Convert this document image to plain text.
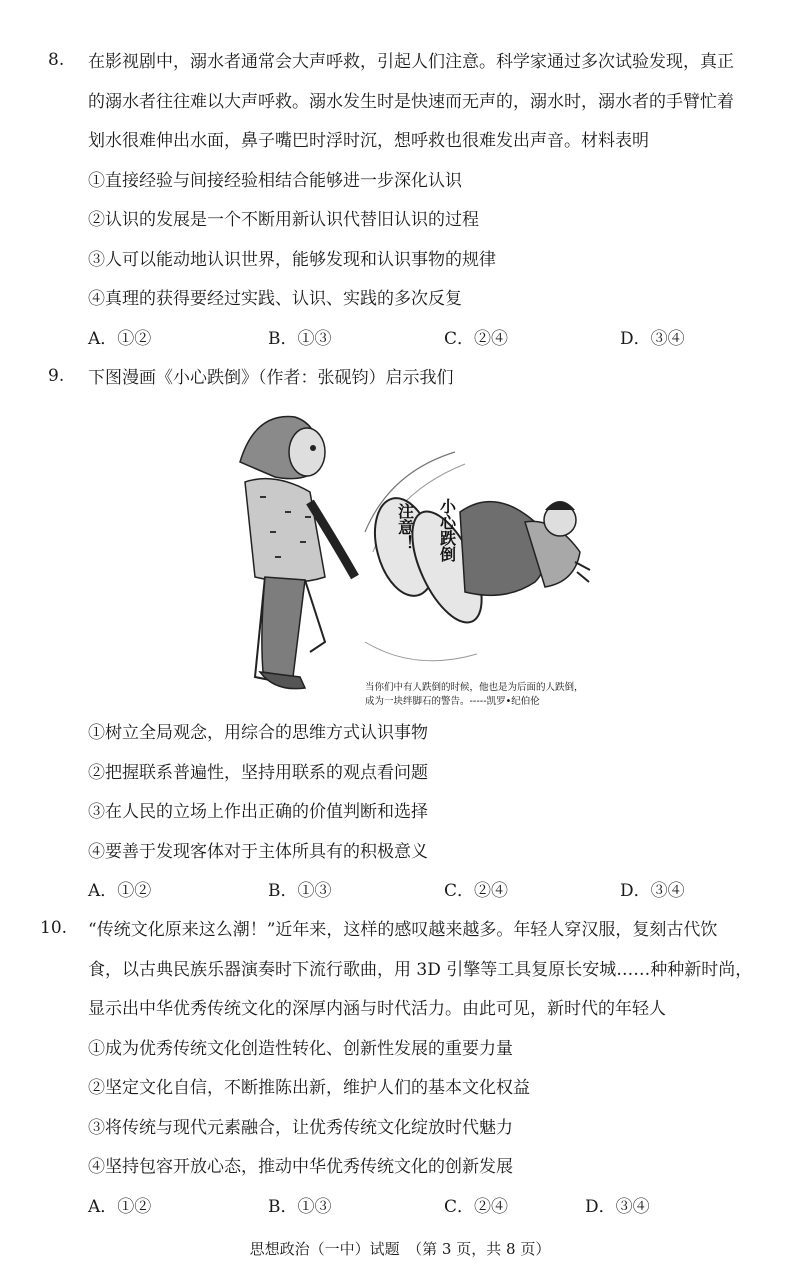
8. 在影视剧中，溺水者通常会大声呼救，引起人们注意。科学家通过多次试验发现，真正
的溺水者往往难以大声呼救。溺水发生时是快速而无声的，溺水时，溺水者的手臂忙着
划水很难伸出水面，鼻子嘴巴时浮时沉，想呼救也很难发出声音。材料表明
①直接经验与间接经验相结合能够进一步深化认识
②认识的发展是一个不断用新认识代替旧认识的过程
③人可以能动地认识世界，能够发现和认识事物的规律
④真理的获得要经过实践、认识、实践的多次反复
A．①②	B．①③	C．②④	D．③④
9. 下图漫画《小心跌倒》（作者：张砚钧）启示我们
注意！ 小心跌倒
当你们中有人跌倒的时候，他也是为后面的人跌倒，
成为一块绊脚石的警告。-----凯罗•纪伯伦
①树立全局观念，用综合的思维方式认识事物
②把握联系普遍性，坚持用联系的观点看问题
③在人民的立场上作出正确的价值判断和选择
④要善于发现客体对于主体所具有的积极意义
A．①②	B．①③	C．②④	D．③④
10. “传统文化原来这么潮！”近年来，这样的感叹越来越多。年轻人穿汉服，复刻古代饮
食，以古典民族乐器演奏时下流行歌曲，用 3D 引擎等工具复原长安城……种种新时尚，
显示出中华优秀传统文化的深厚内涵与时代活力。由此可见，新时代的年轻人
①成为优秀传统文化创造性转化、创新性发展的重要力量
②坚定文化自信，不断推陈出新，维护人们的基本文化权益
③将传统与现代元素融合，让优秀传统文化绽放时代魅力
④坚持包容开放心态，推动中华优秀传统文化的创新发展
A．①②	B．①③	C．②④	D．③④
思想政治（一中）试题　（第 3 页，共 8 页）
